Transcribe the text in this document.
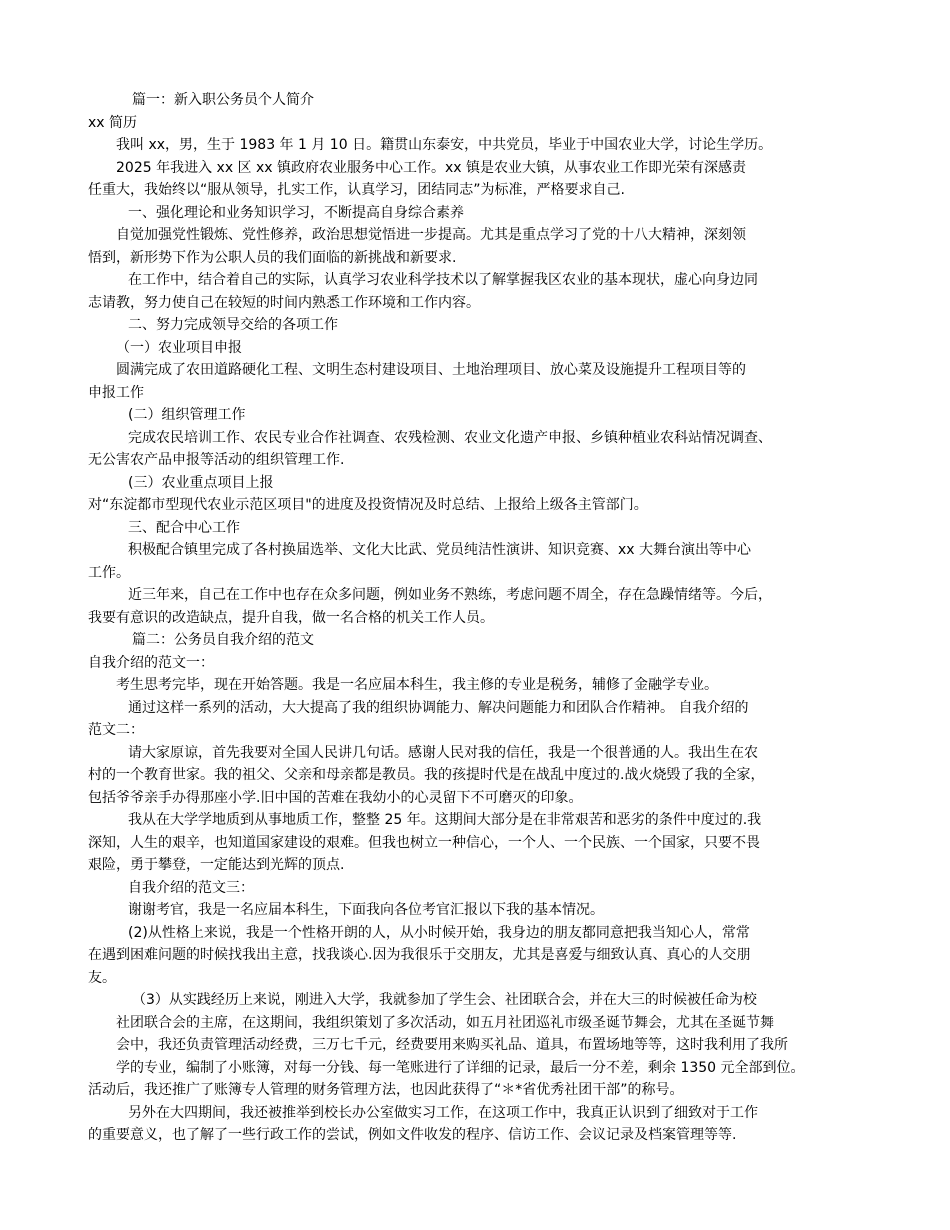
篇一：新入职公务员个人简介
xx 简历
我叫 xx，男，生于 1983 年 1 月 10 日。籍贯山东泰安，中共党员，毕业于中国农业大学，讨论生学历。
2025 年我进入 xx 区 xx 镇政府农业服务中心工作。xx 镇是农业大镇，从事农业工作即光荣有深感责
任重大，我始终以“服从领导，扎实工作，认真学习，团结同志”为标准，严格要求自己.
一、强化理论和业务知识学习，不断提高自身综合素养
自觉加强党性锻炼、党性修养，政治思想觉悟进一步提高。尤其是重点学习了党的十八大精神，深刻领
悟到，新形势下作为公职人员的我们面临的新挑战和新要求.
在工作中，结合着自己的实际，认真学习农业科学技术以了解掌握我区农业的基本现状，虚心向身边同
志请教，努力使自己在较短的时间内熟悉工作环境和工作内容。
二、努力完成领导交给的各项工作
（一）农业项目申报
圆满完成了农田道路硬化工程、文明生态村建设项目、土地治理项目、放心菜及设施提升工程项目等的
申报工作
(二）组织管理工作
完成农民培训工作、农民专业合作社调查、农残检测、农业文化遗产申报、乡镇种植业农科站情况调查、
无公害农产品申报等活动的组织管理工作.
(三）农业重点项目上报
对“东淀都市型现代农业示范区项目"的进度及投资情况及时总结、上报给上级各主管部门。
三、配合中心工作
积极配合镇里完成了各村换届选举、文化大比武、党员纯洁性演讲、知识竞赛、xx 大舞台演出等中心
工作。
近三年来，自己在工作中也存在众多问题，例如业务不熟练，考虑问题不周全，存在急躁情绪等。今后，
我要有意识的改造缺点，提升自我，做一名合格的机关工作人员。
篇二：公务员自我介绍的范文
自我介绍的范文一：
考生思考完毕，现在开始答题。我是一名应届本科生，我主修的专业是税务，辅修了金融学专业。
通过这样一系列的活动，大大提高了我的组织协调能力、解决问题能力和团队合作精神。 自我介绍的
范文二：
请大家原谅，首先我要对全国人民讲几句话。感谢人民对我的信任，我是一个很普通的人。我出生在农
村的一个教育世家。我的祖父、父亲和母亲都是教员。我的孩提时代是在战乱中度过的.战火烧毁了我的全家，
包括爷爷亲手办得那座小学.旧中国的苦难在我幼小的心灵留下不可磨灭的印象。
我从在大学学地质到从事地质工作，整整 25 年。这期间大部分是在非常艰苦和恶劣的条件中度过的.我
深知，人生的艰辛，也知道国家建设的艰难。但我也树立一种信心，一个人、一个民族、一个国家，只要不畏
艰险，勇于攀登，一定能达到光辉的顶点.
自我介绍的范文三：
谢谢考官，我是一名应届本科生，下面我向各位考官汇报以下我的基本情况。
(2)从性格上来说，我是一个性格开朗的人，从小时候开始，我身边的朋友都同意把我当知心人，常常
在遇到困难问题的时候找我出主意，找我谈心.因为我很乐于交朋友，尤其是喜爱与细致认真、真心的人交朋
友。
（3）从实践经历上来说，刚进入大学，我就参加了学生会、社团联合会，并在大三的时候被任命为校
社团联合会的主席，在这期间，我组织策划了多次活动，如五月社团巡礼市级圣诞节舞会，尤其在圣诞节舞
会中，我还负责管理活动经费，三万七千元，经费要用来购买礼品、道具，布置场地等等，这时我利用了我所
学的专业，编制了小账簿，对每一分钱、每一笔账进行了详细的记录，最后一分不差，剩余 1350 元全部到位。
活动后，我还推广了账簿专人管理的财务管理方法，也因此获得了“＊*省优秀社团干部”的称号。
另外在大四期间，我还被推举到校长办公室做实习工作，在这项工作中，我真正认识到了细致对于工作
的重要意义，也了解了一些行政工作的尝试，例如文件收发的程序、信访工作、会议记录及档案管理等等.
